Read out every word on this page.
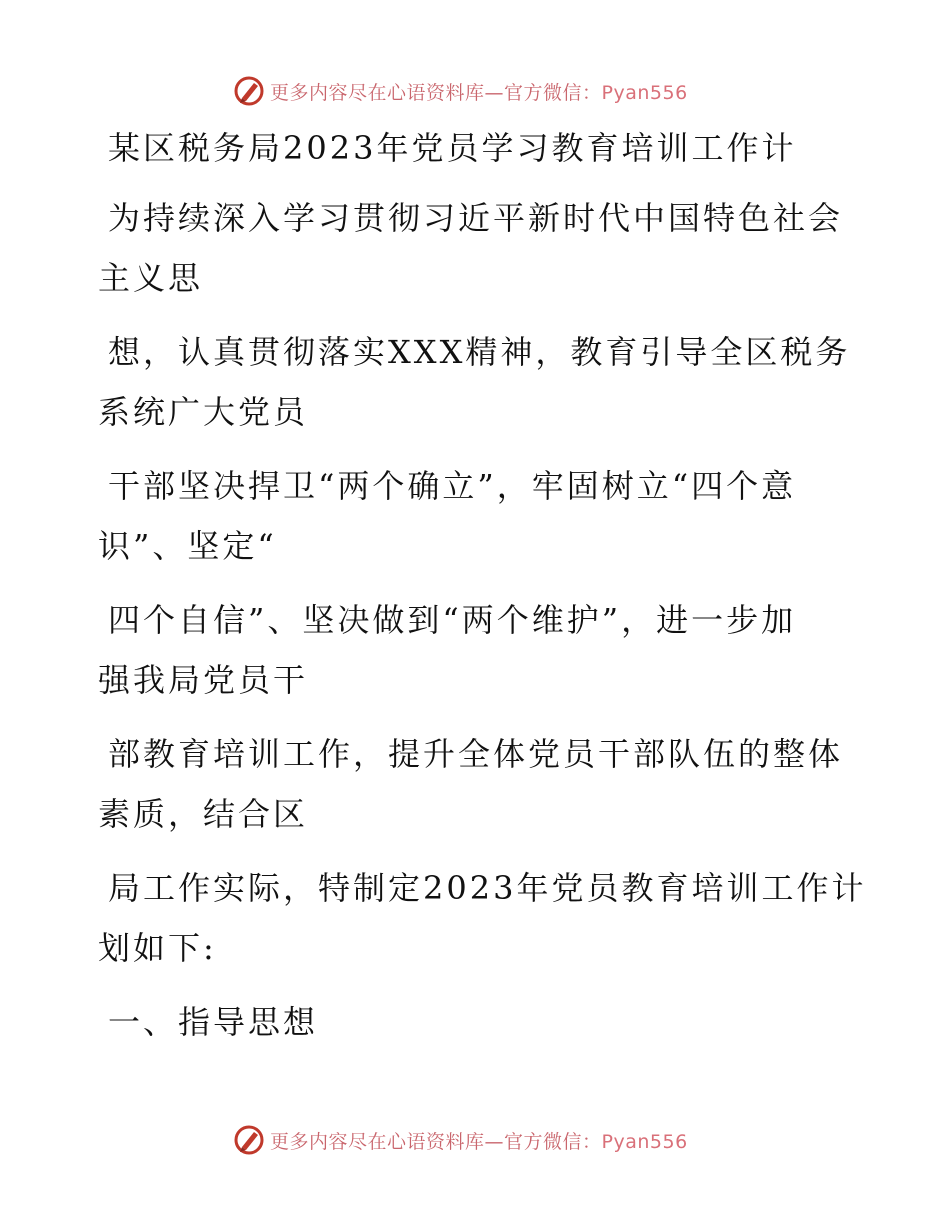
更多内容尽在心语资料库—官方微信：Pyan556
某区税务局2023年党员学习教育培训工作计
为持续深入学习贯彻习近平新时代中国特色社会
主义思
想，认真贯彻落实XXX精神，教育引导全区税务
系统广大党员
干部坚决捍卫“两个确立”，牢固树立“四个意
识”、坚定“
四个自信”、坚决做到“两个维护”，进一步加
强我局党员干
部教育培训工作，提升全体党员干部队伍的整体
素质，结合区
局工作实际，特制定2023年党员教育培训工作计
划如下:
一、指导思想
更多内容尽在心语资料库—官方微信：Pyan556
